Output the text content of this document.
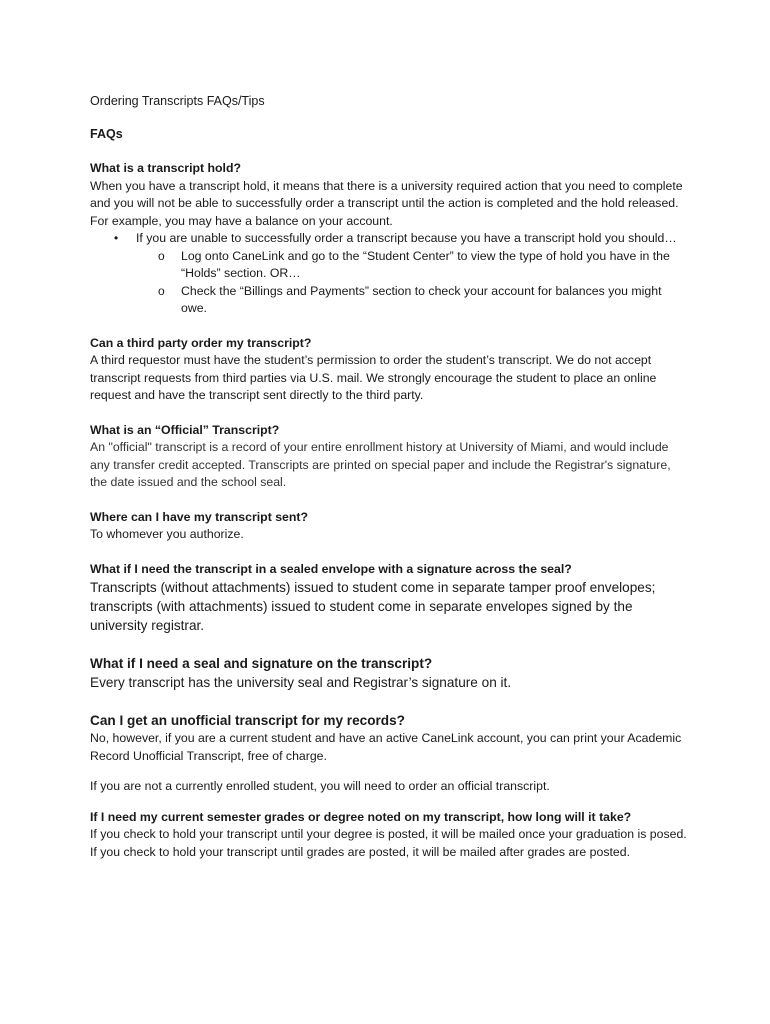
Ordering Transcripts FAQs/Tips

FAQs

What is a transcript hold?

When you have a transcript hold, it means that there is a university required action that you need to complete and you will not be able to successfully order a transcript until the action is completed and the hold released. For example, you may have a balance on your account.

• If you are unable to successfully order a transcript because you have a transcript hold you should…
o Log onto CaneLink and go to the “Student Center” to view the type of hold you have in the “Holds” section. OR…
o Check the “Billings and Payments” section to check your account for balances you might owe.

Can a third party order my transcript?

A third requestor must have the student’s permission to order the student’s transcript. We do not accept transcript requests from third parties via U.S. mail. We strongly encourage the student to place an online request and have the transcript sent directly to the third party.

What is an “Official” Transcript?

An "official" transcript is a record of your entire enrollment history at University of Miami, and would include any transfer credit accepted. Transcripts are printed on special paper and include the Registrar's signature, the date issued and the school seal.

Where can I have my transcript sent?

To whomever you authorize.

What if I need the transcript in a sealed envelope with a signature across the seal?

Transcripts (without attachments) issued to student come in separate tamper proof envelopes; transcripts (with attachments) issued to student come in separate envelopes signed by the university registrar.

What if I need a seal and signature on the transcript?

Every transcript has the university seal and Registrar’s signature on it.

Can I get an unofficial transcript for my records?

No, however, if you are a current student and have an active CaneLink account, you can print your Academic Record Unofficial Transcript, free of charge.

If you are not a currently enrolled student, you will need to order an official transcript.

If I need my current semester grades or degree noted on my transcript, how long will it take?

If you check to hold your transcript until your degree is posted, it will be mailed once your graduation is posed. If you check to hold your transcript until grades are posted, it will be mailed after grades are posted.
